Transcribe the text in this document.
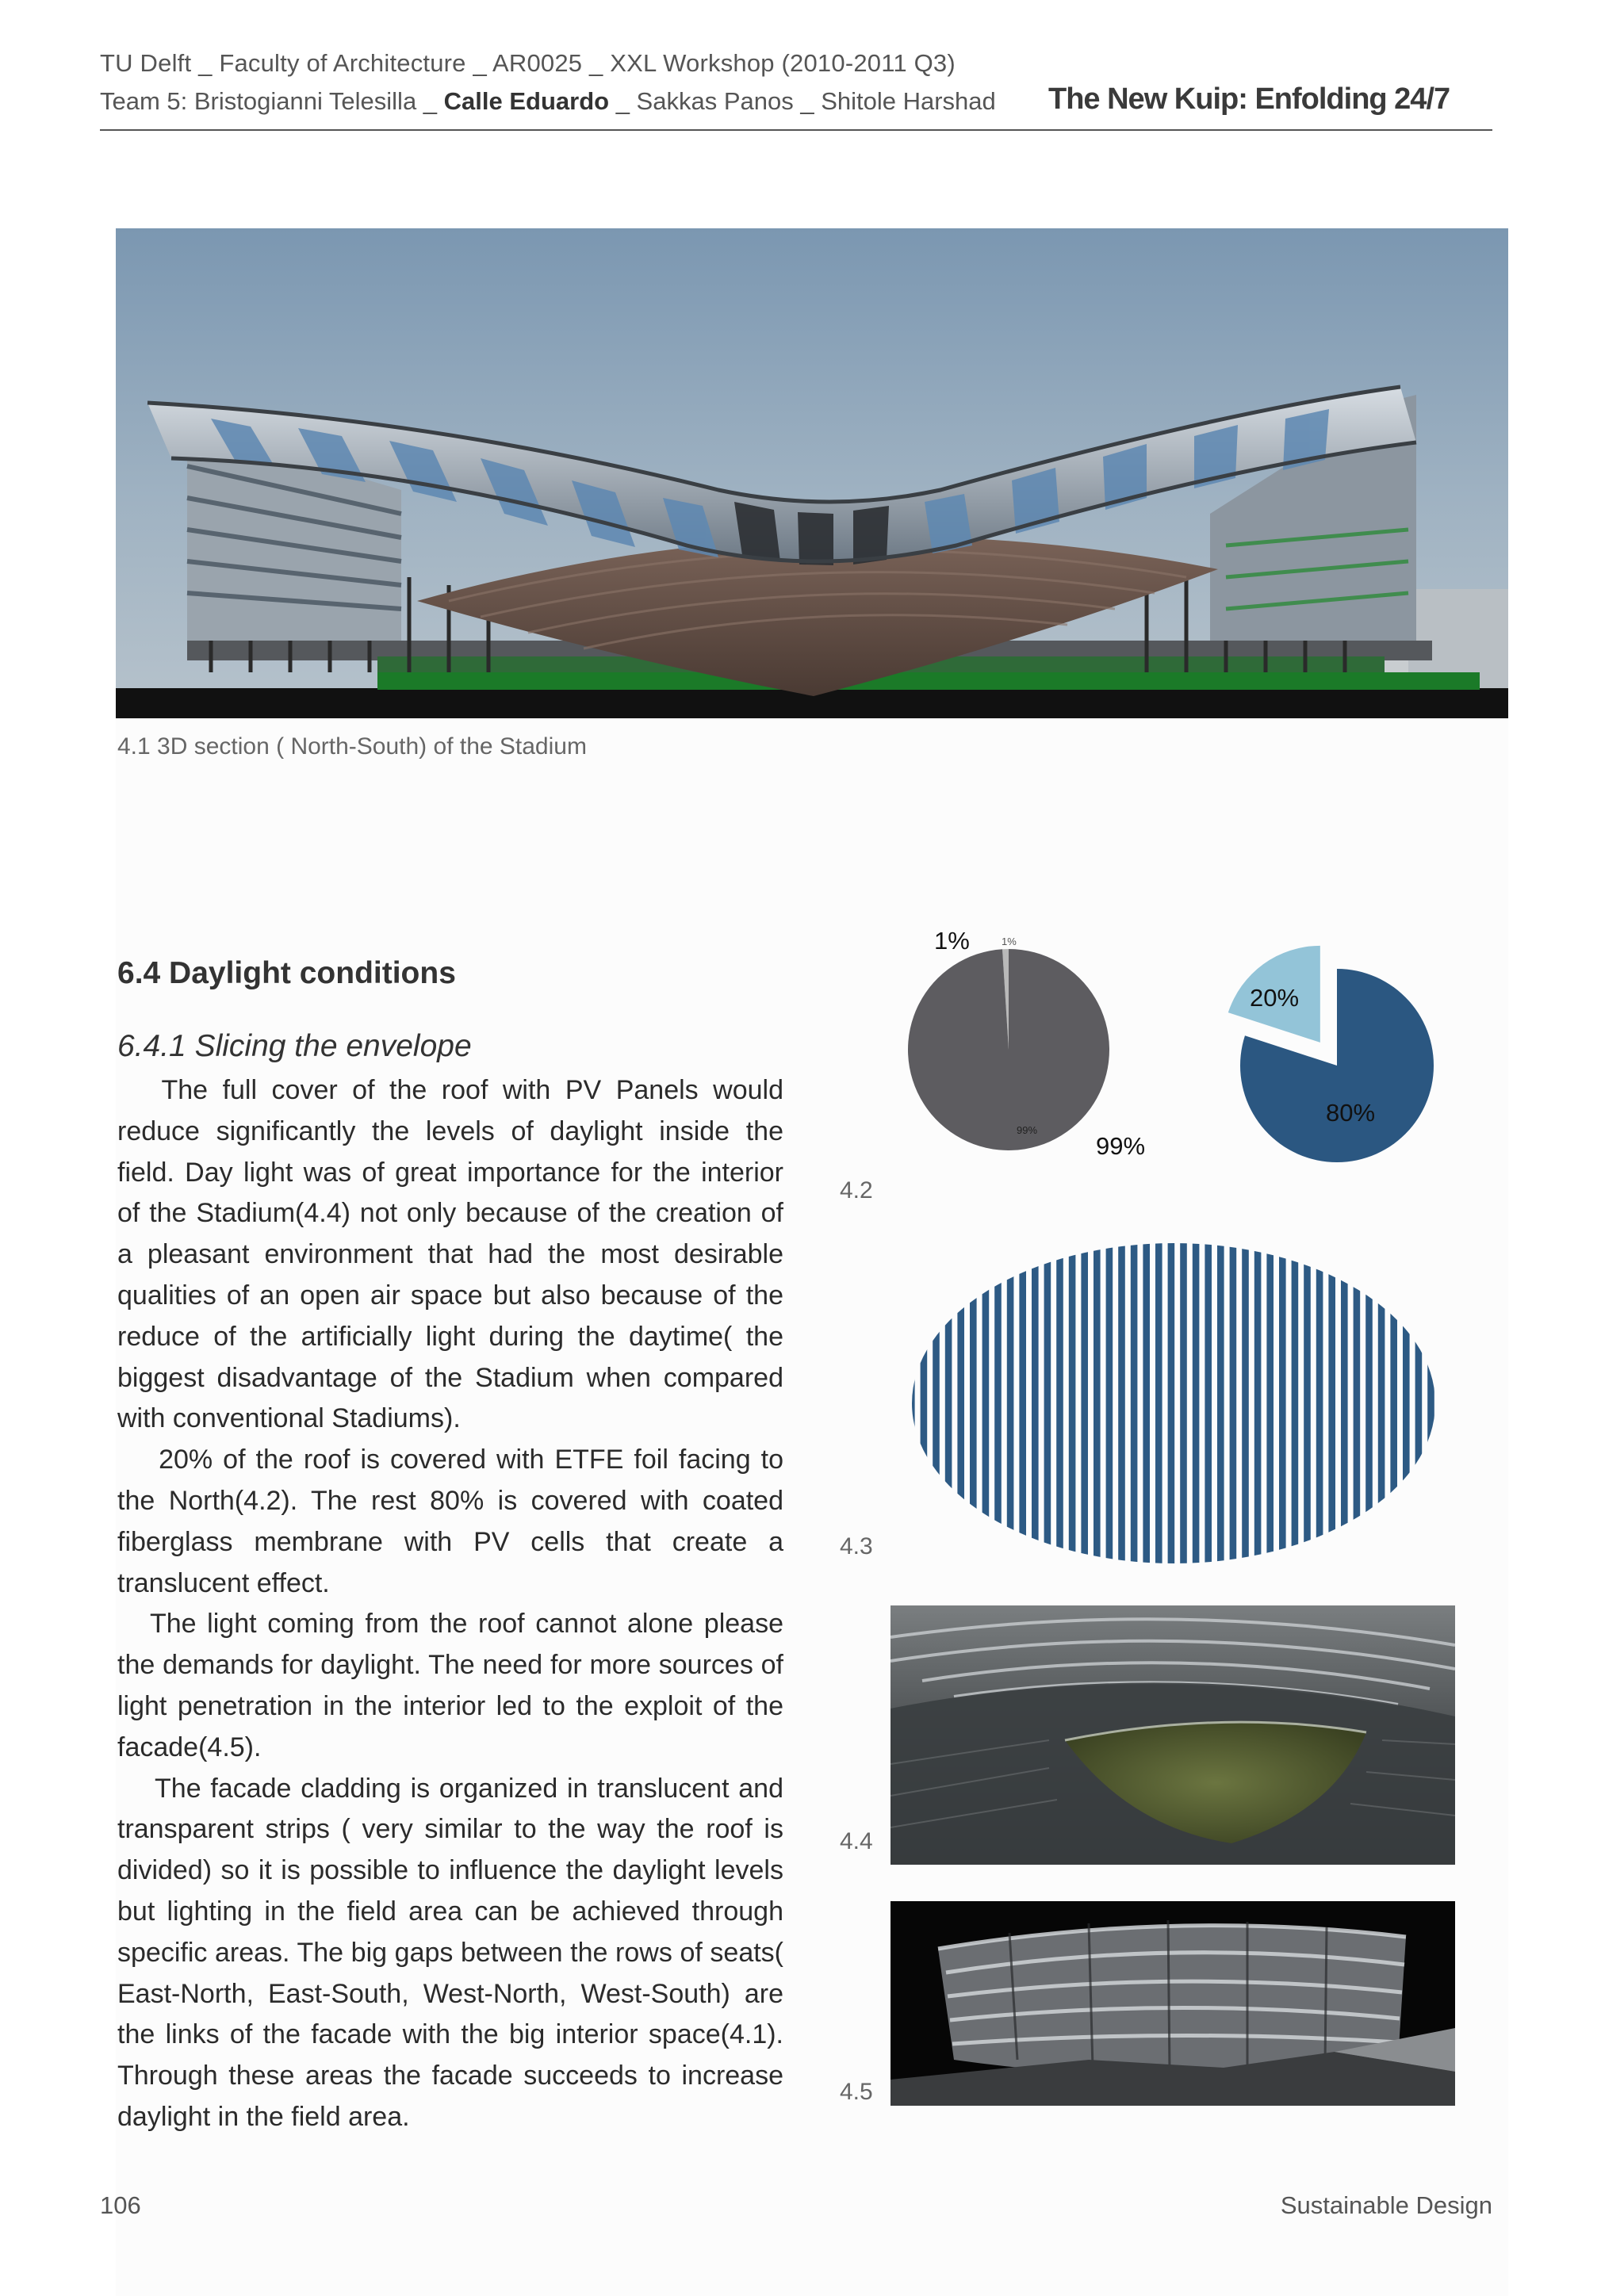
TU Delft _ Faculty of Architecture _ AR0025 _ XXL Workshop (2010-2011 Q3)
Team 5: Bristogianni Telesilla _ Calle Eduardo _ Sakkas Panos _ Shitole Harshad The New Kuip: Enfolding 24/7
4.1 3D section ( North-South) of the Stadium
6.4 Daylight conditions
6.4.1 Slicing the envelope

The full cover of the roof with PV Panels would reduce significantly the levels of daylight inside the field. Day light was of great importance for the interior of the Stadium(4.4) not only because of the creation of a pleasant environment that had the most desirable qualities of an open air space but also because of the reduce of the artificially light during the daytime( the biggest disadvantage of the Stadium when compared with conventional Stadiums).

20% of the roof is covered with ETFE foil facing to the North(4.2). The rest 80% is covered with coated fiberglass membrane with PV cells that create a translucent effect.

The light coming from the roof cannot alone please the demands for daylight. The need for more sources of light penetration in the interior led to the exploit of the facade(4.5).

The facade cladding is organized in translucent and transparent strips ( very similar to the way the roof is divided) so it is possible to influence the daylight levels but lighting in the field area can be achieved through specific areas. The big gaps between the rows of seats( East-North, East-South, West-North, West-South) are the links of the facade with the big interior space(4.1). Through these areas the facade succeeds to increase daylight in the field area.

1%	1%
99%
99%
20%
80%
4.2
4.3
4.4
4.5
106	Sustainable Design
